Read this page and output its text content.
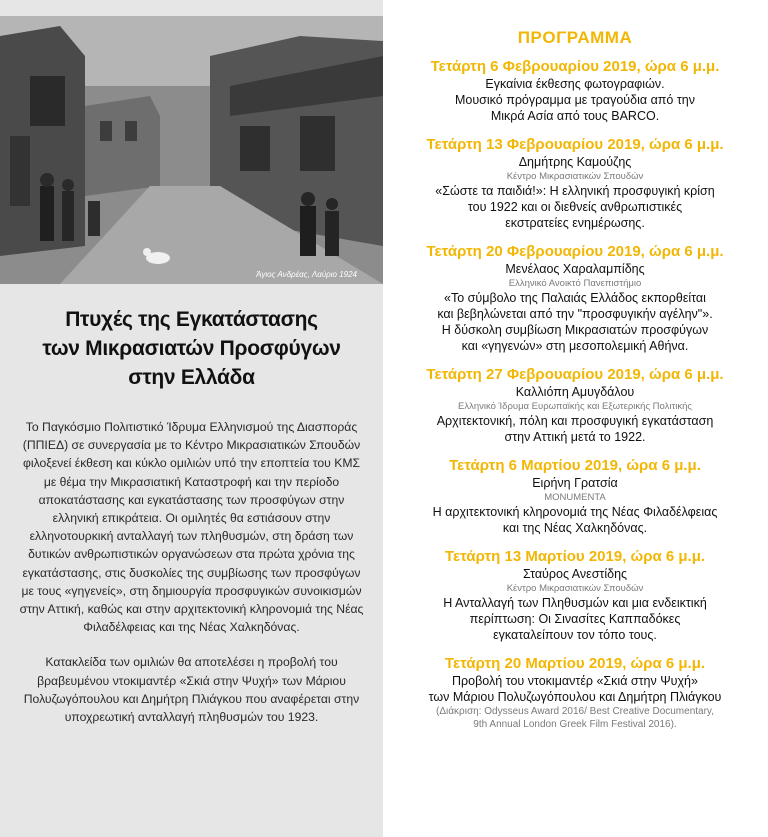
Άγιος Ανδρέας, Λαύριο 1924
Πτυχές της Εγκατάστασης
των Μικρασιατών Προσφύγων
στην Ελλάδα

Το Παγκόσμιο Πολιτιστικό Ίδρυμα Ελληνισμού της Διασποράς (ΠΠΙΕΔ) σε συνεργασία με το Κέντρο Μικρασιατικών Σπουδών φιλοξενεί έκθεση και κύκλο ομιλιών υπό την εποπτεία του ΚΜΣ με θέμα την Μικρασιατική Καταστροφή και την περίοδο αποκατάστασης και εγκατάστασης των προσφύγων στην ελληνική επικράτεια. Οι ομιλητές θα εστιάσουν στην ελληνοτουρκική ανταλλαγή των πληθυσμών, στη δράση των δυτικών ανθρωπιστικών οργανώσεων στα πρώτα χρόνια της εγκατάστασης, στις δυσκολίες της συμβίωσης των προσφύγων με τους «γηγενείς», στη δημιουργία προσφυγικών συνοικισμών στην Αττική, καθώς και στην αρχιτεκτονική κληρονομιά της Νέας Φιλαδέλφειας και της Νέας Χαλκηδόνας.

Κατακλείδα των ομιλιών θα αποτελέσει η προβολή του βραβευμένου ντοκιμαντέρ «Σκιά στην Ψυχή» των Μάριου Πολυζωγόπουλου και Δημήτρη Πλιάγκου που αναφέρεται στην υποχρεωτική ανταλλαγή πληθυσμών του 1923.

ΠΡΟΓΡΑΜΜΑ
Τετάρτη 6 Φεβρουαρίου 2019, ώρα 6 μ.μ.
Εγκαίνια έκθεσης φωτογραφιών.
Μουσικό πρόγραμμα με τραγούδια από την
Μικρά Ασία από τους BARCO.
Τετάρτη 13 Φεβρουαρίου 2019, ώρα 6 μ.μ.
Δημήτρης Καμούζης
Κέντρο Μικρασιατικών Σπουδών
«Σώστε τα παιδιά!»: Η ελληνική προσφυγική κρίση
του 1922 και οι διεθνείς ανθρωπιστικές
εκστρατείες ενημέρωσης.
Τετάρτη 20 Φεβρουαρίου 2019, ώρα 6 μ.μ.
Μενέλαος Χαραλαμπίδης
Ελληνικό Ανοικτό Πανεπιστήμιο
«Το σύμβολο της Παλαιάς Ελλάδος εκπορθείται
και βεβηλώνεται από την "προσφυγικήν αγέλην"».
Η δύσκολη συμβίωση Μικρασιατών προσφύγων
και «γηγενών» στη μεσοπολεμική Αθήνα.
Τετάρτη 27 Φεβρουαρίου 2019, ώρα 6 μ.μ.
Καλλιόπη Αμυγδάλου
Ελληνικό Ίδρυμα Ευρωπαϊκής και Εξωτερικής Πολιτικής
Αρχιτεκτονική, πόλη και προσφυγική εγκατάσταση
στην Αττική μετά το 1922.
Τετάρτη 6 Μαρτίου 2019, ώρα 6 μ.μ.
Ειρήνη Γρατσία
MONUMENTA
Η αρχιτεκτονική κληρονομιά της Νέας Φιλαδέλφειας
και της Νέας Χαλκηδόνας.
Τετάρτη 13 Μαρτίου 2019, ώρα 6 μ.μ.
Σταύρος Ανεστίδης
Κέντρο Μικρασιατικών Σπουδών
Η Ανταλλαγή των Πληθυσμών και μια ενδεικτική
περίπτωση: Οι Σινασίτες Καππαδόκες
εγκαταλείπουν τον τόπο τους.
Τετάρτη 20 Μαρτίου 2019, ώρα 6 μ.μ.
Προβολή του ντοκιμαντέρ «Σκιά στην Ψυχή»
των Μάριου Πολυζωγόπουλου και Δημήτρη Πλιάγκου
(Διάκριση: Odysseus Award 2016/ Best Creative Documentary,
9th Annual London Greek Film Festival 2016).
